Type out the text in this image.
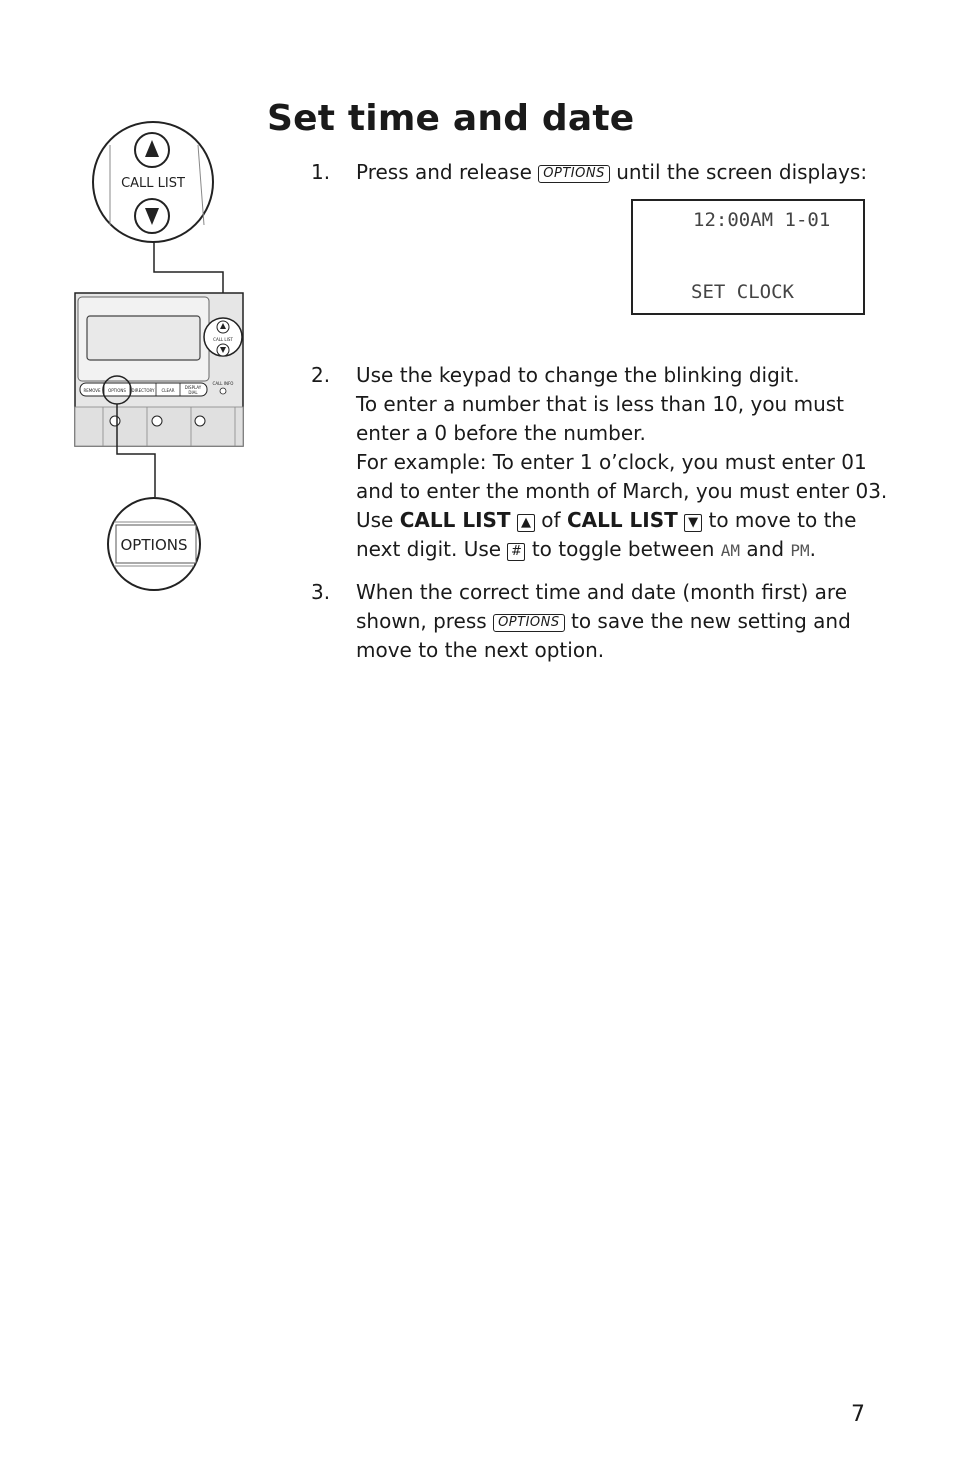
CALL LIST
CALL LIST
REMOVE OPTIONS DIRECTORY CLEAR
DISPLAY
DIAL
CALL INFO
OPTIONS
Set time and date
1. Press and release OPTIONS until the screen displays:
12:00AM 1-01
SET CLOCK
2. Use the keypad to change the blinking digit.
To enter a number that is less than 10, you must
enter a 0 before the number.
For example: To enter 1 o’clock, you must enter 01
and to enter the month of March, you must enter 03.
Use CALL LIST ▲ of CALL LIST ▼ to move to the
next digit. Use # to toggle between AM and PM.
3. When the correct time and date (month first) are
shown, press OPTIONS to save the new setting and
move to the next option.
7
